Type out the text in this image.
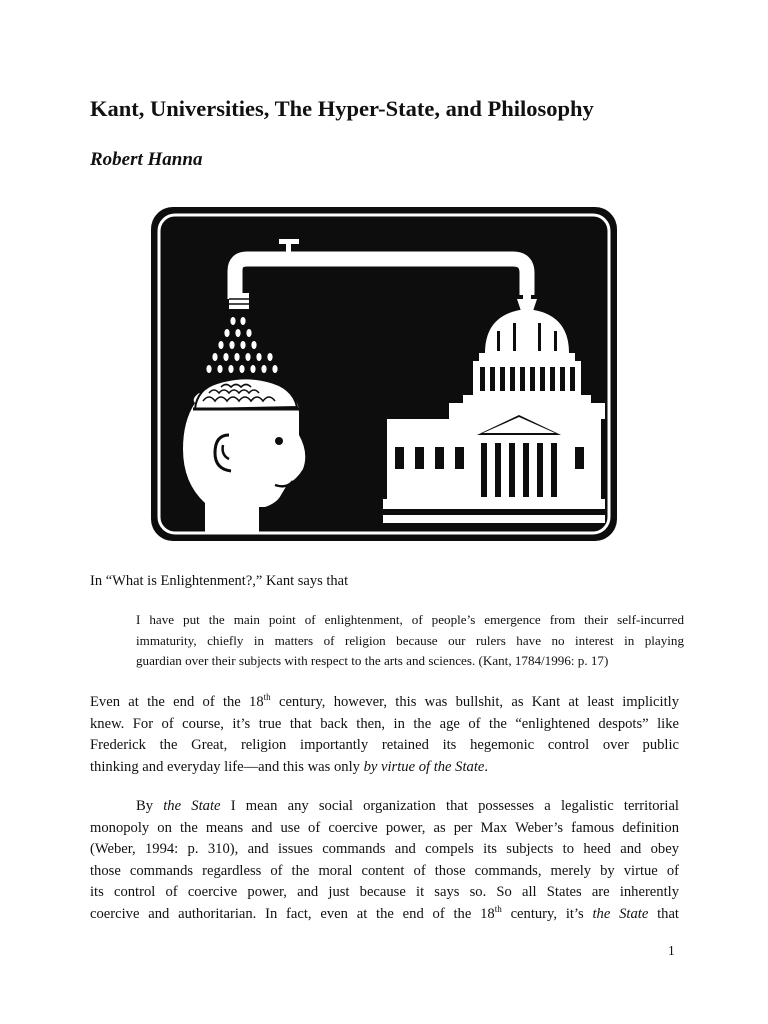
Kant, Universities, The Hyper-State, and Philosophy
Robert Hanna
In “What is Enlightenment?,” Kant says that
I have put the main point of enlightenment, of people’s emergence from their self-incurred
immaturity, chiefly in matters of religion because our rulers have no interest in playing
guardian over their subjects with respect to the arts and sciences. (Kant, 1784/1996: p. 17)
Even at the end of the 18th century, however, this was bullshit, as Kant at least implicitly
knew. For of course, it’s true that back then, in the age of the “enlightened despots” like
Frederick the Great, religion importantly retained its hegemonic control over public
thinking and everyday life—and this was only by virtue of the State.
By the State I mean any social organization that possesses a legalistic territorial
monopoly on the means and use of coercive power, as per Max Weber’s famous definition
(Weber, 1994: p. 310), and issues commands and compels its subjects to heed and obey
those commands regardless of the moral content of those commands, merely by virtue of
its control of coercive power, and just because it says so. So all States are inherently
coercive and authoritarian. In fact, even at the end of the 18th century, it’s the State that
1
